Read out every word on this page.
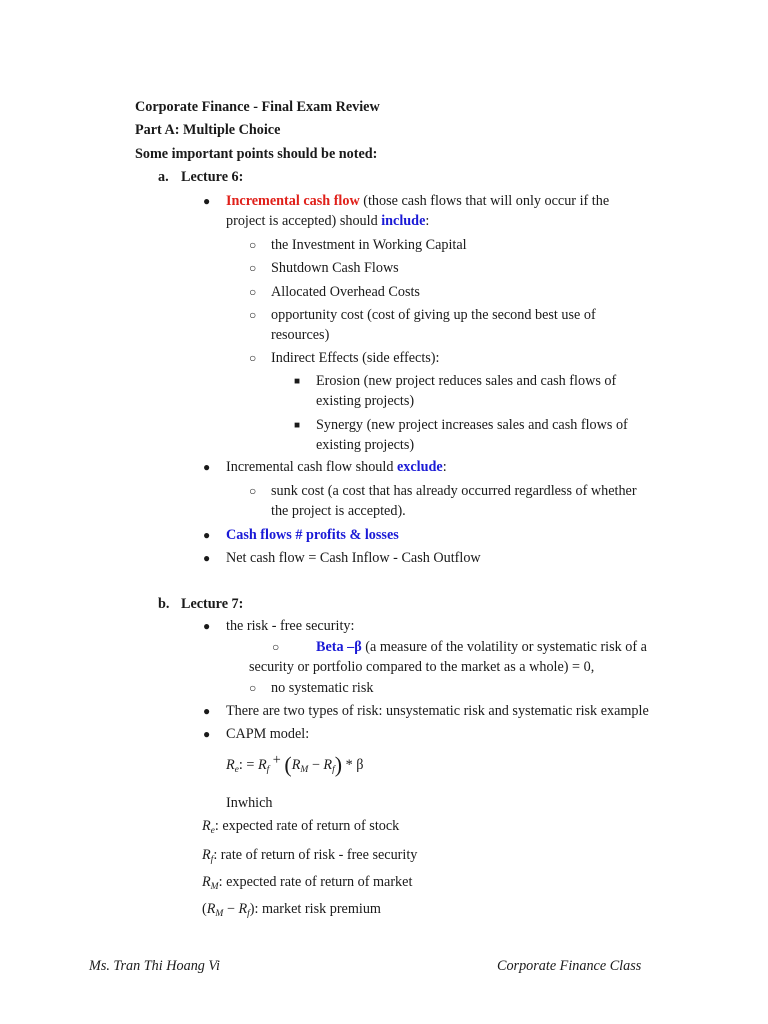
Corporate Finance - Final Exam Review
Part A: Multiple Choice
Some important points should be noted:
a. Lecture 6:
● Incremental cash flow (those cash flows that will only occur if the
project is accepted) should include:
○ the Investment in Working Capital
○ Shutdown Cash Flows
○ Allocated Overhead Costs
○ opportunity cost (cost of giving up the second best use of
resources)
○ Indirect Effects (side effects):
■ Erosion (new project reduces sales and cash flows of
existing projects)
■ Synergy (new project increases sales and cash flows of
existing projects)
● Incremental cash flow should exclude:
○ sunk cost (a cost that has already occurred regardless of whether
the project is accepted).
● Cash flows # profits & losses
● Net cash flow = Cash Inflow - Cash Outflow
b. Lecture 7:
● the risk - free security:
○	Beta –β (a measure of the volatility or systematic risk of a
security or portfolio compared to the market as a whole) = 0,
○ no systematic risk
● There are two types of risk: unsystematic risk and systematic risk example
● CAPM model:
$R_e$: = $R_f + (R_M - R_f) * \beta$
Inwhich
$R_e$: expected rate of return of stock
$R_f$: rate of return of risk - free security
$R_M$: expected rate of return of market
$(R_M - R_f)$: market risk premium
Ms. Tran Thi Hoang Vi	Corporate Finance Class
